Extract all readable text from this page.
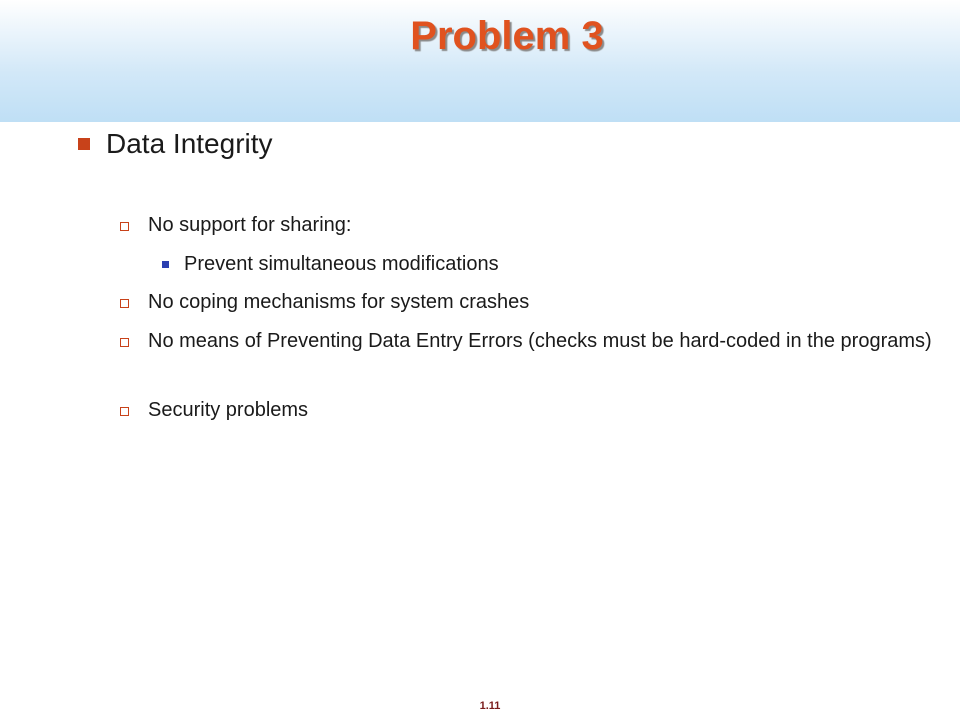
Problem 3
Data Integrity
No support for sharing:
Prevent simultaneous modifications
No coping mechanisms for system crashes
No means of Preventing Data Entry Errors (checks must be hard-coded in the programs)
Security problems
1.11
